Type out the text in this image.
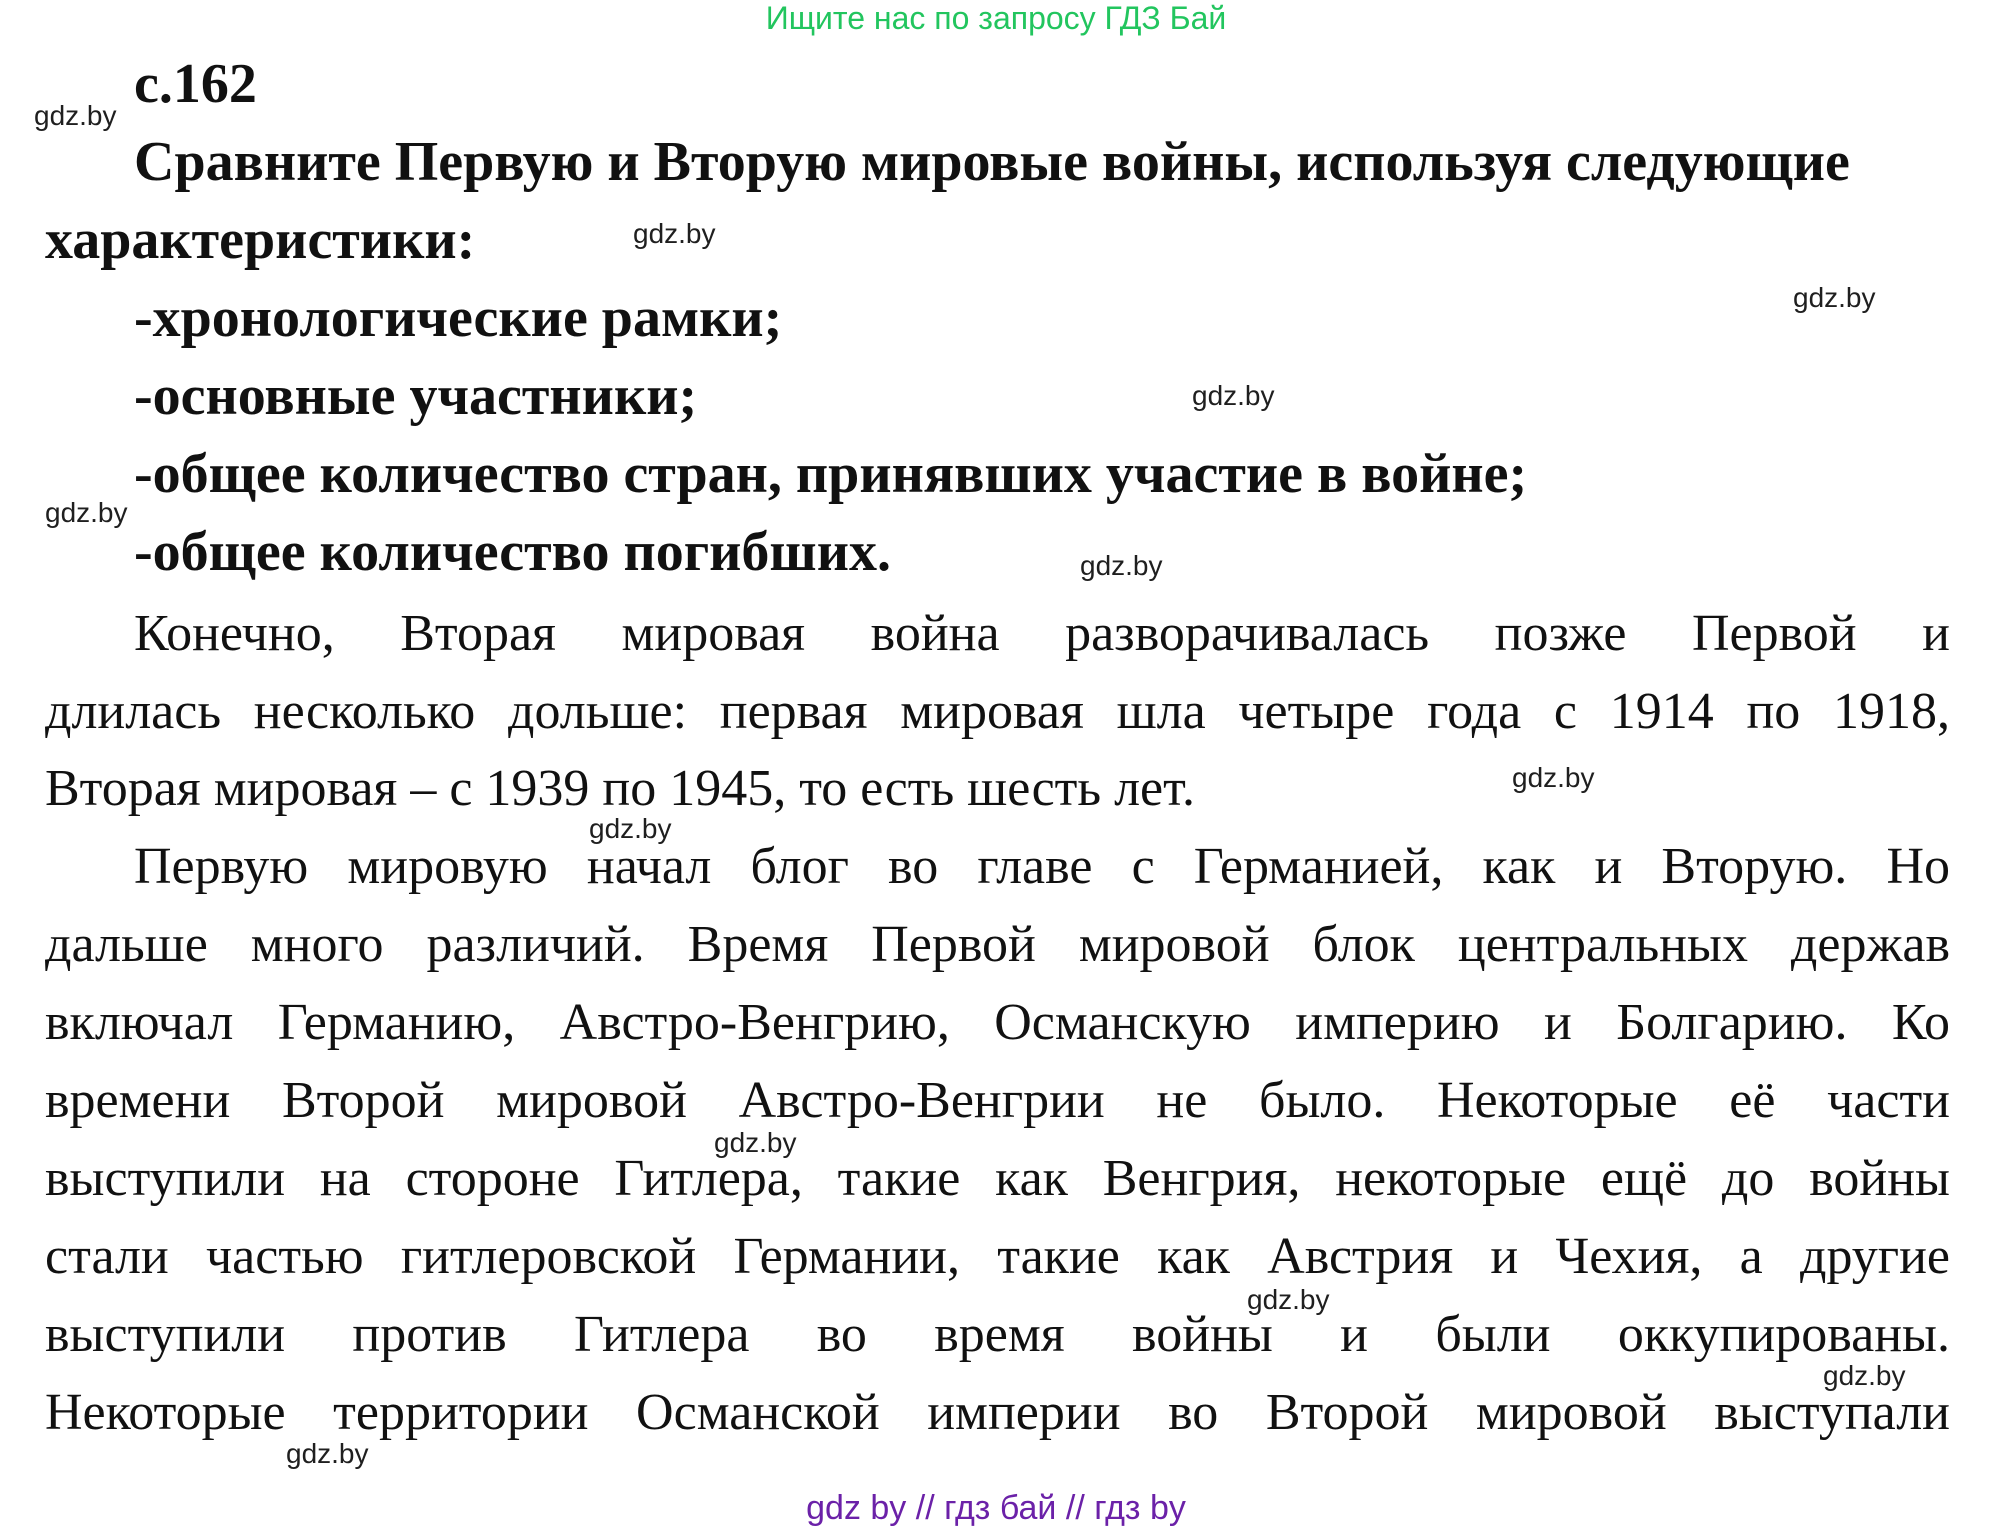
Ищите нас по запросу ГДЗ Бай
с.162
Сравните Первую и Вторую мировые войны, используя следующие
характеристики:
-хронологические рамки;
-основные участники;
-общее количество стран, принявших участие в войне;
-общее количество погибших.
Конечно, Вторая мировая война разворачивалась позже Первой и
длилась несколько дольше: первая мировая шла четыре года с 1914 по 1918,
Вторая мировая – с 1939 по 1945, то есть шесть лет.
Первую мировую начал блог во главе с Германией, как и Вторую. Но
дальше много различий. Время Первой мировой блок центральных держав
включал Германию, Австро-Венгрию, Османскую империю и Болгарию. Ко
времени Второй мировой Австро-Венгрии не было. Некоторые её части
выступили на стороне Гитлера, такие как Венгрия, некоторые ещё до войны
стали частью гитлеровской Германии, такие как Австрия и Чехия, а другие
выступили против Гитлера во время войны и были оккупированы.
Некоторые территории Османской империи во Второй мировой выступали
gdz.by
gdz.by
gdz.by
gdz.by
gdz.by
gdz.by
gdz.by
gdz.by
gdz.by
gdz.by
gdz.by
gdz.by
gdz by // гдз бай // гдз by
